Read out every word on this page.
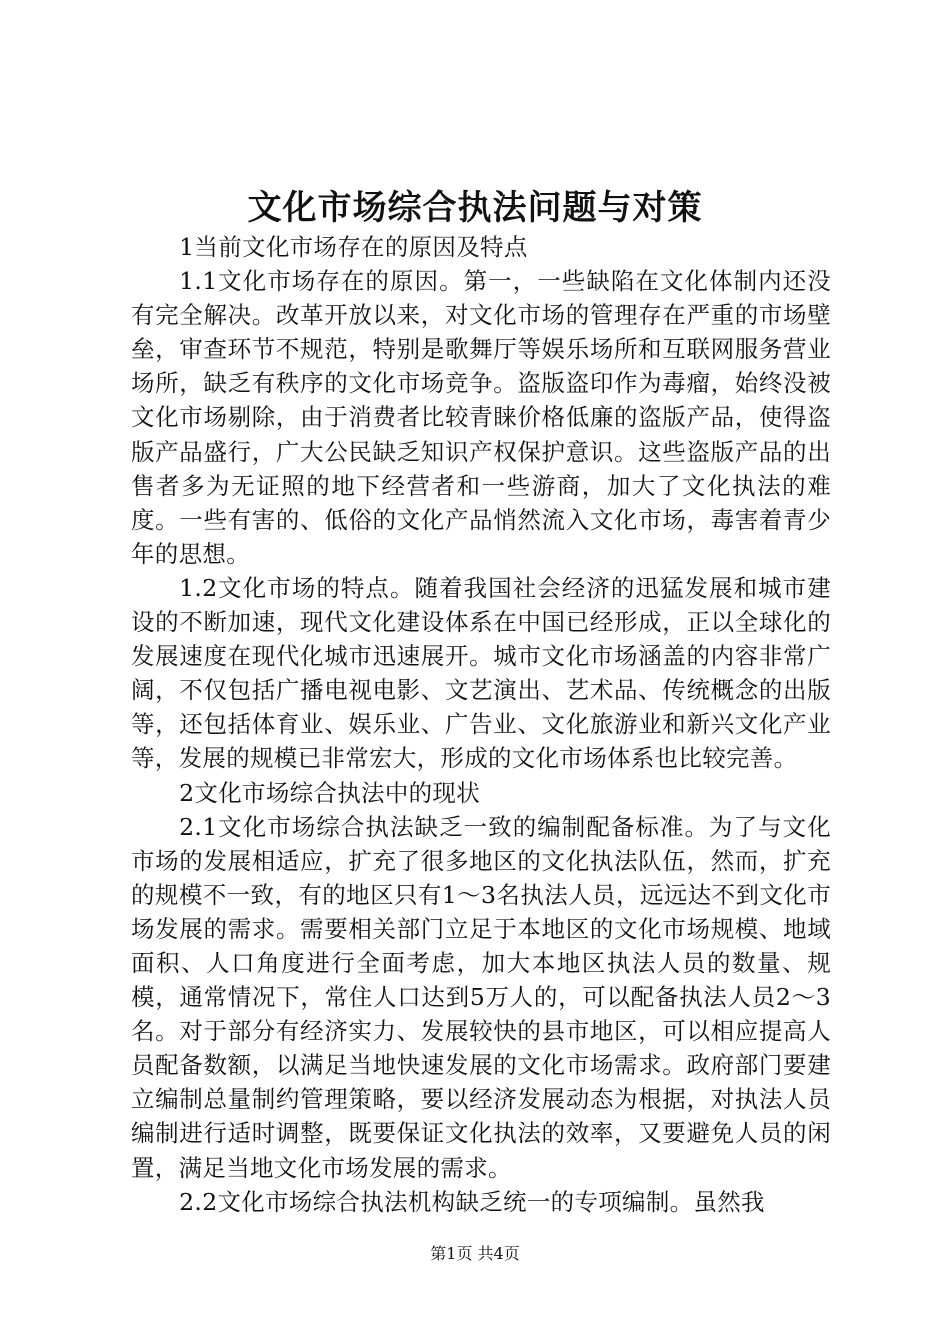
文化市场综合执法问题与对策

1当前文化市场存在的原因及特点

1.1文化市场存在的原因。第一，一些缺陷在文化体制内还没有完全解决。改革开放以来，对文化市场的管理存在严重的市场壁垒，审查环节不规范，特别是歌舞厅等娱乐场所和互联网服务营业场所，缺乏有秩序的文化市场竞争。盗版盗印作为毒瘤，始终没被文化市场剔除，由于消费者比较青睐价格低廉的盗版产品，使得盗版产品盛行，广大公民缺乏知识产权保护意识。这些盗版产品的出售者多为无证照的地下经营者和一些游商，加大了文化执法的难度。一些有害的、低俗的文化产品悄然流入文化市场，毒害着青少年的思想。

1.2文化市场的特点。随着我国社会经济的迅猛发展和城市建设的不断加速，现代文化建设体系在中国已经形成，正以全球化的发展速度在现代化城市迅速展开。城市文化市场涵盖的内容非常广阔，不仅包括广播电视电影、文艺演出、艺术品、传统概念的出版等，还包括体育业、娱乐业、广告业、文化旅游业和新兴文化产业等，发展的规模已非常宏大，形成的文化市场体系也比较完善。

2文化市场综合执法中的现状

2.1文化市场综合执法缺乏一致的编制配备标准。为了与文化市场的发展相适应，扩充了很多地区的文化执法队伍，然而，扩充的规模不一致，有的地区只有1～3名执法人员，远远达不到文化市场发展的需求。需要相关部门立足于本地区的文化市场规模、地域面积、人口角度进行全面考虑，加大本地区执法人员的数量、规模，通常情况下，常住人口达到5万人的，可以配备执法人员2～3名。对于部分有经济实力、发展较快的县市地区，可以相应提高人员配备数额，以满足当地快速发展的文化市场需求。政府部门要建立编制总量制约管理策略，要以经济发展动态为根据，对执法人员编制进行适时调整，既要保证文化执法的效率，又要避免人员的闲置，满足当地文化市场发展的需求。

2.2文化市场综合执法机构缺乏统一的专项编制。虽然我

第1页 共4页
